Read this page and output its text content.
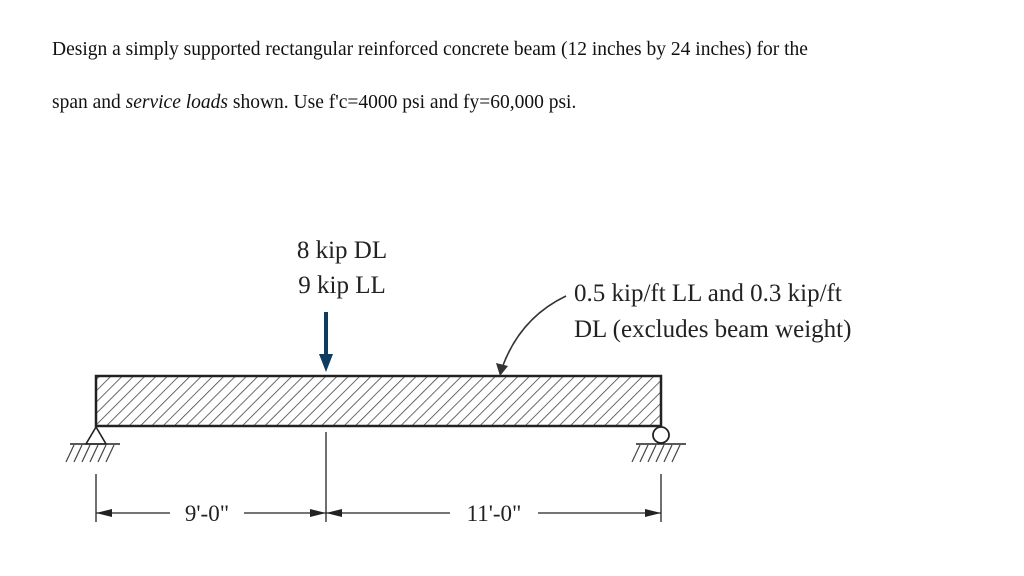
Design a simply supported rectangular reinforced concrete beam (12 inches by 24 inches) for the

span and service loads shown. Use f'c=4000 psi and fy=60,000 psi.

8 kip DL
9 kip LL	0.5 kip/ft LL and 0.3 kip/ft
DL (excludes beam weight)
9'-0"	11'-0"
